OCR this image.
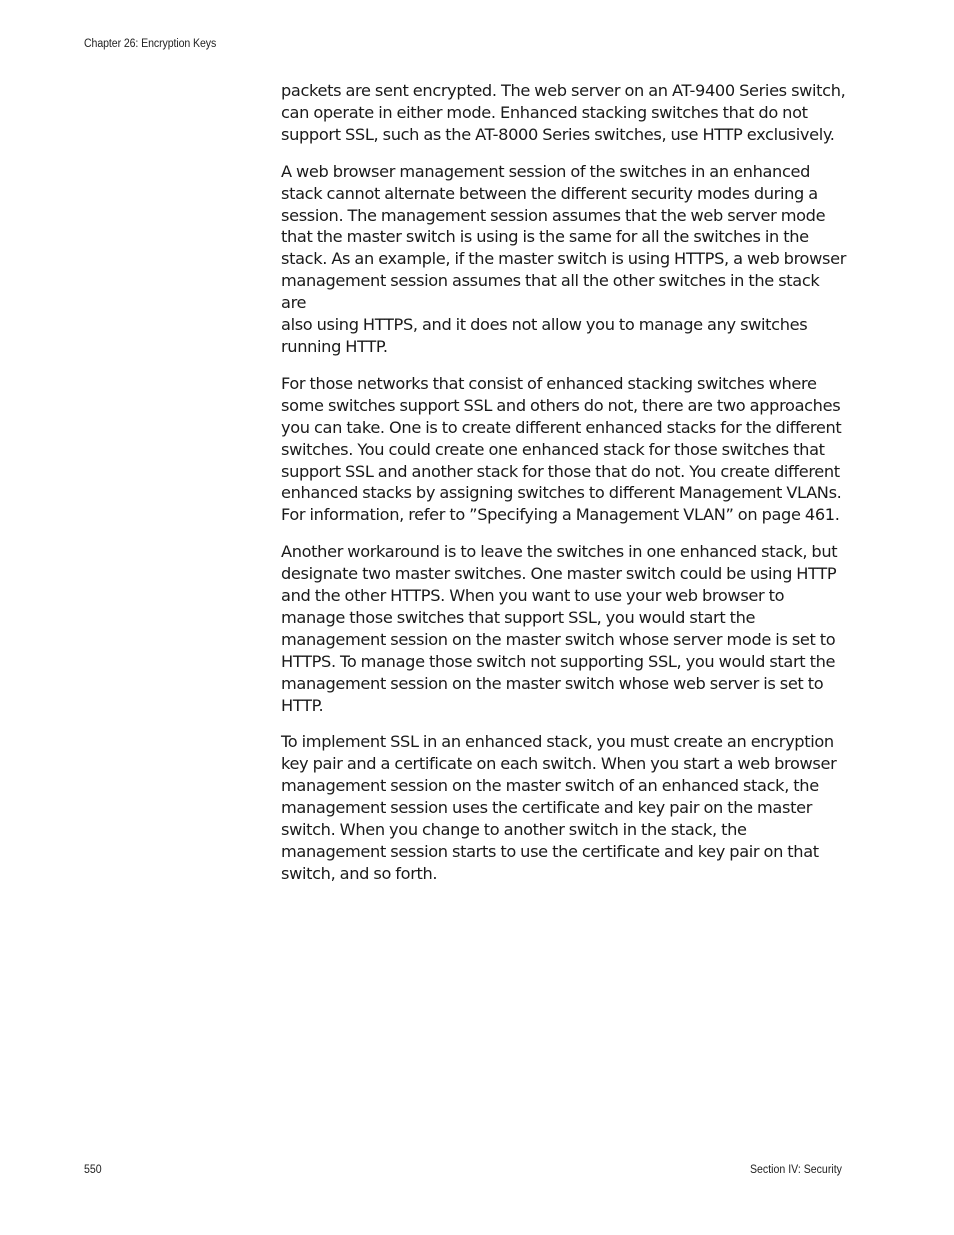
Chapter 26: Encryption Keys

packets are sent encrypted. The web server on an AT-9400 Series switch,
can operate in either mode. Enhanced stacking switches that do not
support SSL, such as the AT-8000 Series switches, use HTTP exclusively.

A web browser management session of the switches in an enhanced
stack cannot alternate between the different security modes during a
session. The management session assumes that the web server mode
that the master switch is using is the same for all the switches in the
stack. As an example, if the master switch is using HTTPS, a web browser
management session assumes that all the other switches in the stack are
also using HTTPS, and it does not allow you to manage any switches
running HTTP.

For those networks that consist of enhanced stacking switches where
some switches support SSL and others do not, there are two approaches
you can take. One is to create different enhanced stacks for the different
switches. You could create one enhanced stack for those switches that
support SSL and another stack for those that do not. You create different
enhanced stacks by assigning switches to different Management VLANs.
For information, refer to ”Specifying a Management VLAN” on page 461.

Another workaround is to leave the switches in one enhanced stack, but
designate two master switches. One master switch could be using HTTP
and the other HTTPS. When you want to use your web browser to
manage those switches that support SSL, you would start the
management session on the master switch whose server mode is set to
HTTPS. To manage those switch not supporting SSL, you would start the
management session on the master switch whose web server is set to
HTTP.

To implement SSL in an enhanced stack, you must create an encryption
key pair and a certificate on each switch. When you start a web browser
management session on the master switch of an enhanced stack, the
management session uses the certificate and key pair on the master
switch. When you change to another switch in the stack, the
management session starts to use the certificate and key pair on that
switch, and so forth.

550	Section IV: Security
